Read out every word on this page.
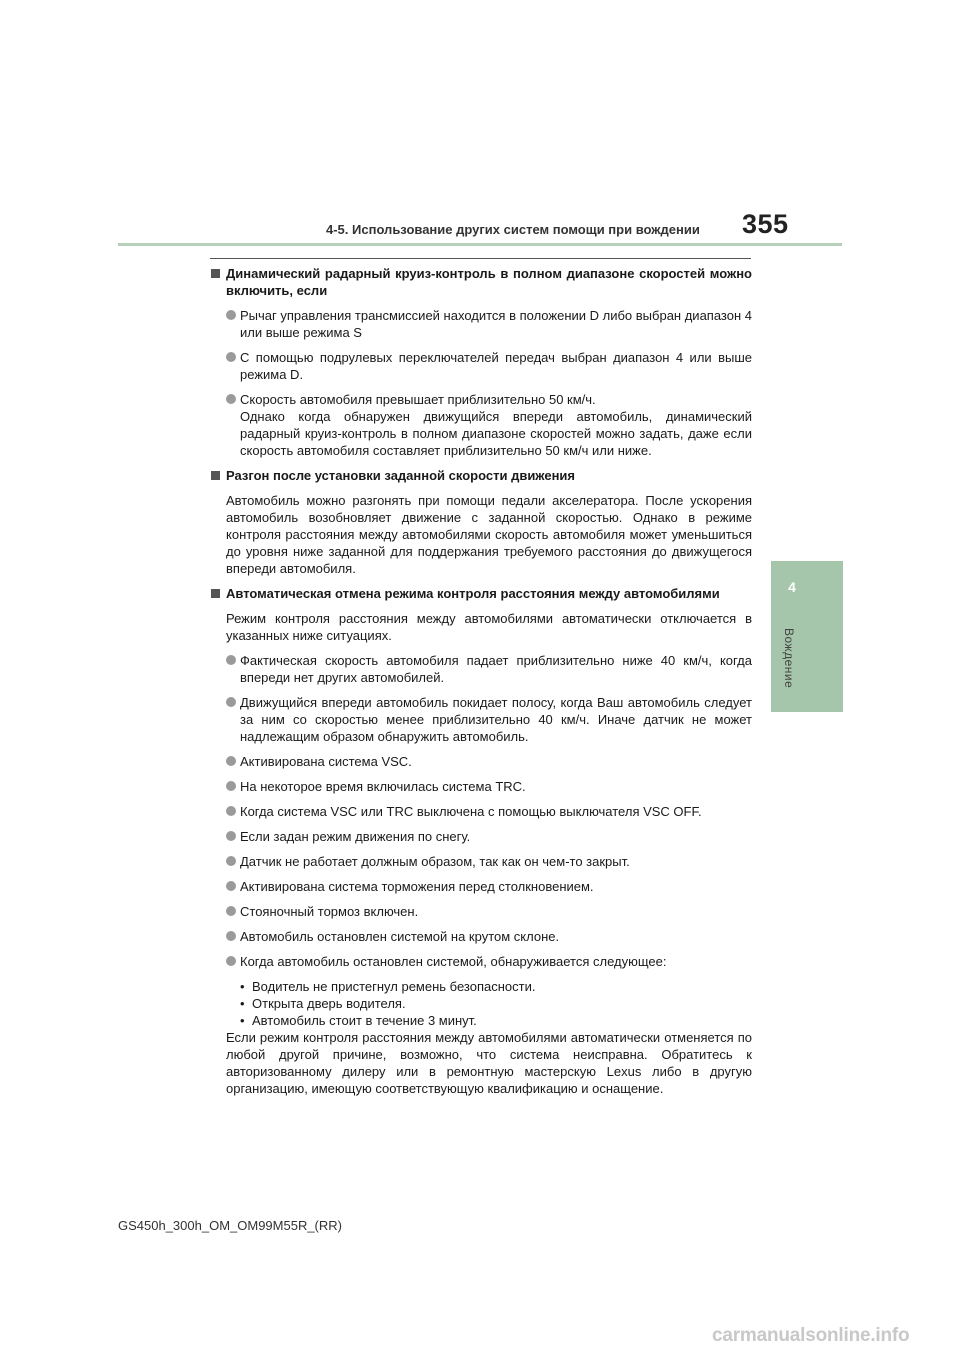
4-5. Использование других систем помощи при вождении	355
4
Вождение
Динамический радарный круиз-контроль в полном диапазоне скоростей можно включить, если
Рычаг управления трансмиссией находится в положении D либо выбран диапазон 4 или выше режима S
С помощью подрулевых переключателей передач выбран диапазон 4 или выше режима D.
Скорость автомобиля превышает приблизительно 50 км/ч.
Однако когда обнаружен движущийся впереди автомобиль, динамический радарный круиз-контроль в полном диапазоне скоростей можно задать, даже если скорость автомобиля составляет приблизительно 50 км/ч или ниже.
Разгон после установки заданной скорости движения
Автомобиль можно разгонять при помощи педали акселератора. После ускорения автомобиль возобновляет движение с заданной скоростью. Однако в режиме контроля расстояния между автомобилями скорость автомобиля может уменьшиться до уровня ниже заданной для поддержания требуемого расстояния до движущегося впереди автомобиля.
Автоматическая отмена режима контроля расстояния между автомобилями
Режим контроля расстояния между автомобилями автоматически отключается в указанных ниже ситуациях.
Фактическая скорость автомобиля падает приблизительно ниже 40 км/ч, когда впереди нет других автомобилей.
Движущийся впереди автомобиль покидает полосу, когда Ваш автомобиль следует за ним со скоростью менее приблизительно 40 км/ч. Иначе датчик не может надлежащим образом обнаружить автомобиль.
Активирована система VSC.
На некоторое время включилась система TRC.
Когда система VSC или TRC выключена с помощью выключателя VSC OFF.
Если задан режим движения по снегу.
Датчик не работает должным образом, так как он чем-то закрыт.
Активирована система торможения перед столкновением.
Стояночный тормоз включен.
Автомобиль остановлен системой на крутом склоне.
Когда автомобиль остановлен системой, обнаруживается следующее:
• Водитель не пристегнул ремень безопасности.
• Открыта дверь водителя.
• Автомобиль стоит в течение 3 минут.
Если режим контроля расстояния между автомобилями автоматически отменяется по любой другой причине, возможно, что система неисправна. Обратитесь к авторизованному дилеру или в ремонтную мастерскую Lexus либо в другую организацию, имеющую соответствующую квалификацию и оснащение.
GS450h_300h_OM_OM99M55R_(RR)
carmanualsonline.info
